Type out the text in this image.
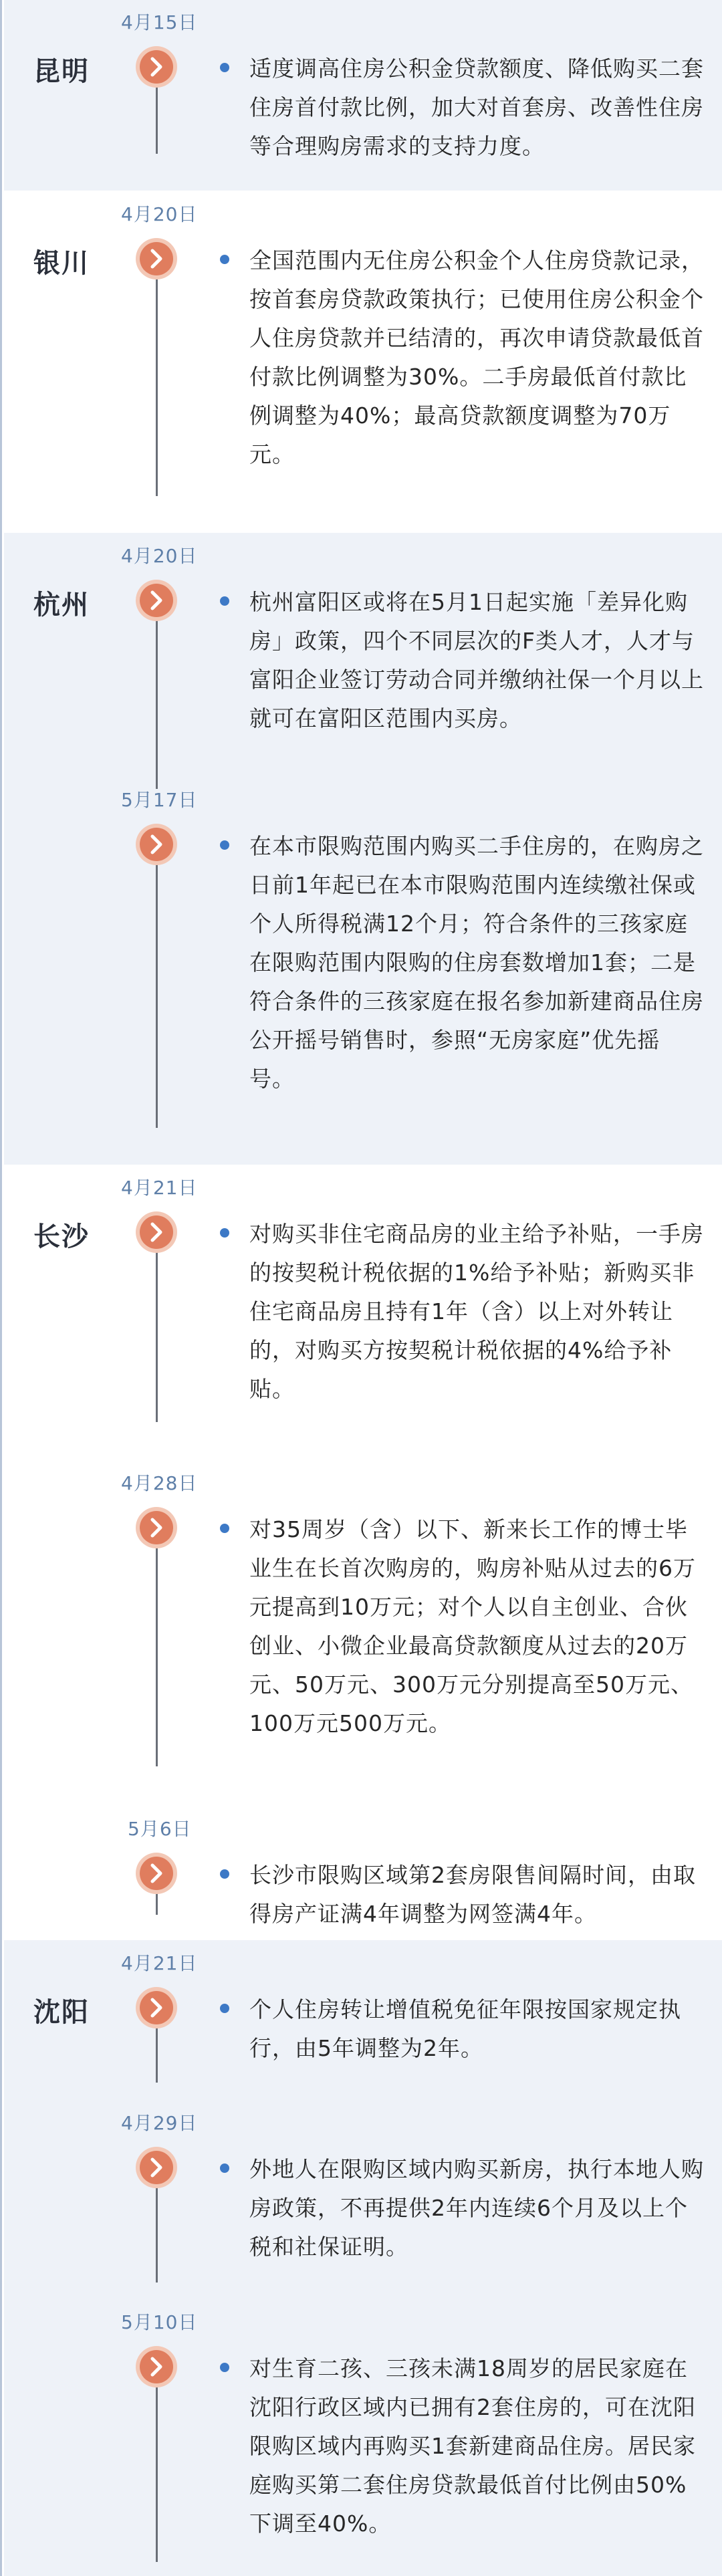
昆明
4月15日
适度调高住房公积金贷款额度、降低购买二套住房首付款比例，加大对首套房、改善性住房等合理购房需求的支持力度。
银川
4月20日
全国范围内无住房公积金个人住房贷款记录，按首套房贷款政策执行；已使用住房公积金个人住房贷款并已结清的，再次申请贷款最低首付款比例调整为30%。二手房最低首付款比例调整为40%；最高贷款额度调整为70万元。
杭州
4月20日
杭州富阳区或将在5月1日起实施「差异化购房」政策，四个不同层次的F类人才，人才与富阳企业签订劳动合同并缴纳社保一个月以上就可在富阳区范围内买房。
5月17日
在本市限购范围内购买二手住房的，在购房之日前1年起已在本市限购范围内连续缴社保或个人所得税满12个月；符合条件的三孩家庭在限购范围内限购的住房套数增加1套；二是符合条件的三孩家庭在报名参加新建商品住房公开摇号销售时，参照“无房家庭”优先摇号。
长沙
4月21日
对购买非住宅商品房的业主给予补贴，一手房的按契税计税依据的1%给予补贴；新购买非住宅商品房且持有1年（含）以上对外转让的，对购买方按契税计税依据的4%给予补贴。
4月28日
对35周岁（含）以下、新来长工作的博士毕业生在长首次购房的，购房补贴从过去的6万元提高到10万元；对个人以自主创业、合伙创业、小微企业最高贷款额度从过去的20万元、50万元、300万元分别提高至50万元、100万元500万元。
5月6日
长沙市限购区域第2套房限售间隔时间，由取得房产证满4年调整为网签满4年。
沈阳
4月21日
个人住房转让增值税免征年限按国家规定执行，由5年调整为2年。
4月29日
外地人在限购区域内购买新房，执行本地人购房政策，不再提供2年内连续6个月及以上个税和社保证明。
5月10日
对生育二孩、三孩未满18周岁的居民家庭在沈阳行政区域内已拥有2套住房的，可在沈阳限购区域内再购买1套新建商品住房。居民家庭购买第二套住房贷款最低首付比例由50%下调至40%。
